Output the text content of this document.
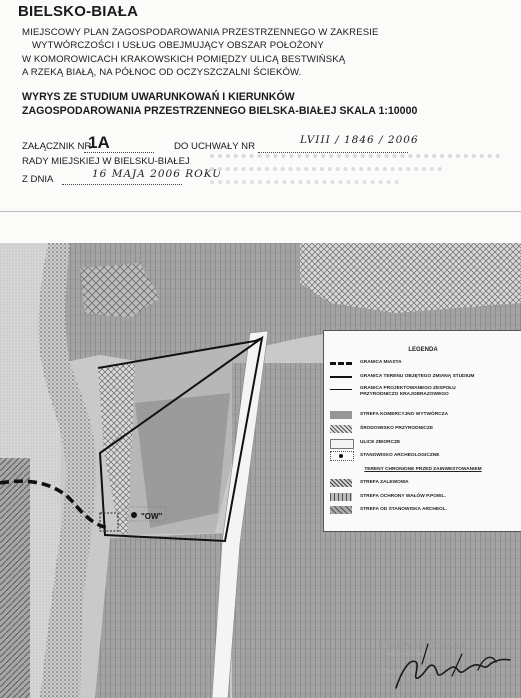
BIELSKO-BIAŁA
MIEJSCOWY PLAN ZAGOSPODAROWANIA PRZESTRZENNEGO W ZAKRESIE
WYTWÓRCZOŚCI I USŁUG OBEJMUJĄCY OBSZAR POŁOŻONY
W KOMOROWICACH KRAKOWSKICH POMIĘDZY ULICĄ BESTWIŃSKĄ
A RZEKĄ BIAŁĄ, NA PÓŁNOC OD OCZYSZCZALNI ŚCIEKÓW.
WYRYS ZE STUDIUM UWARUNKOWAŃ I KIERUNKÓW
ZAGOSPODAROWANIA PRZESTRZENNEGO BIELSKA-BIAŁEJ SKALA 1:10000
ZAŁĄCZNIK NR
1A	DO UCHWAŁY NR
LVIII / 1846 / 2006
RADY MIEJSKIEJ W BIELSKU-BIAŁEJ
Z DNIA	16 MAJA 2006 ROKU
"OW"
LEGENDA
GRANICA MIASTA
GRANICA TERENU OBJĘTEGO ZMIANĄ STUDIUM
GRANICA PROJEKTOWANEGO ZESPOŁU PRZYRODNICZO KRAJOBRAZOWEGO
STREFA KOMERCYJNO WYTWÓRCZA
ŚRODOWISKO PRZYRODNICZE
ULICE ZBIORCZE
STANOWISKO ARCHEOLOGICZNE
TERENY CHRONIONE PRZED ZAINWESTOWANIEM
STREFA ZALEWOWA
STREFA OCHRONY WAŁÓW P.POWL.
STREFA OD STANOWISKA ARCHEOL.
PRZEWODNICZĄCY
RADY MIEJSKIEJ
Wiesław Handzlik
